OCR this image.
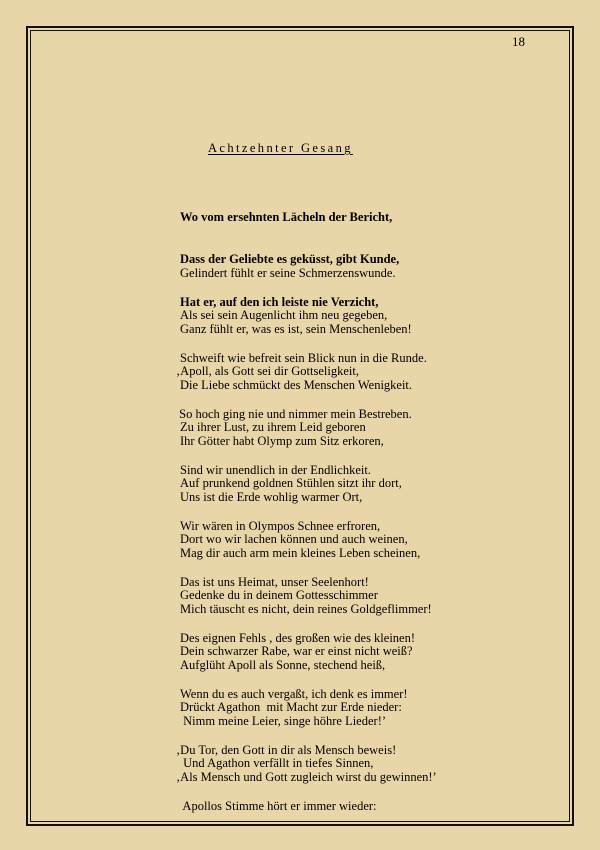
18
Achtzehnter Gesang

Wo vom ersehnten Lächeln der Bericht,

Dass der Geliebte es geküsst, gibt Kunde,

Hat er, auf den ich leiste nie Verzicht,

Gelindert fühlt er seine Schmerzenswunde.

Als sei sein Augenlicht ihm neu gegeben,

Schweift wie befreit sein Blick nun in die Runde.

Ganz fühlt er, was es ist, sein Menschenleben!

‚Apoll, als Gott sei dir Gottseligkeit,

So hoch ging nie und nimmer mein Bestreben.

Die Liebe schmückt des Menschen Wenigkeit.

Zu ihrer Lust, zu ihrem Leid geboren

Sind wir unendlich in der Endlichkeit.

Ihr Götter habt Olymp zum Sitz erkoren,

Auf prunkend goldnen Stühlen sitzt ihr dort,

Wir wären in Olympos Schnee erfroren,

Uns ist die Erde wohlig warmer Ort,

Dort wo wir lachen können und auch weinen,

Das ist uns Heimat, unser Seelenhort!

Mag dir auch arm mein kleines Leben scheinen,

Gedenke du in deinem Gottesschimmer

Des eignen Fehls , des großen wie des kleinen!

Mich täuscht es nicht, dein reines Goldgeflimmer!

Dein schwarzer Rabe, war er einst nicht weiß?

Wenn du es auch vergaßt, ich denk es immer!

Aufglüht Apoll als Sonne, stechend heiß,

Drückt Agathon  mit Macht zur Erde nieder:

‚Du Tor, den Gott in dir als Mensch beweis!

Nimm meine Leier, singe höhre Lieder!’

Und Agathon verfällt in tiefes Sinnen,

Apollos Stimme hört er immer wieder:

‚Als Mensch und Gott zugleich wirst du gewinnen!’
